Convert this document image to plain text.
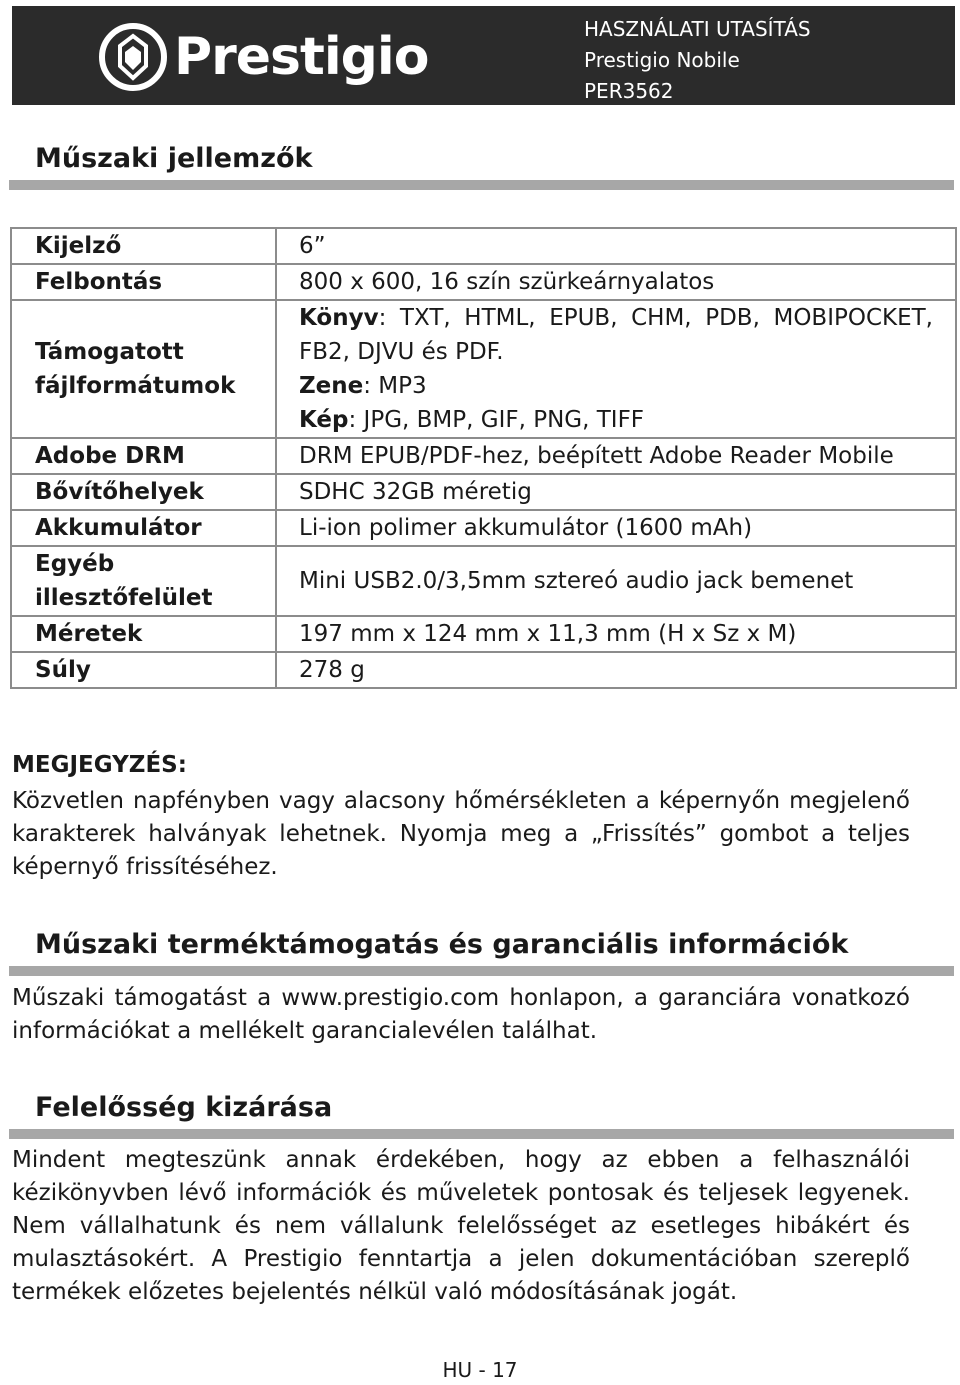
Prestigio	HASZNÁLATI UTASÍTÁS
Prestigio Nobile
PER3562
Műszaki jellemzők
Kijelző	6”
Felbontás	800 x 600, 16 szín szürkeárnyalatos
Támogatott fájlformátumok	Könyv: TXT, HTML, EPUB, CHM, PDB, MOBIPOCKET, FB2, DJVU és PDF.
Zene: MP3
Kép: JPG, BMP, GIF, PNG, TIFF

Adobe DRM	DRM EPUB/PDF-hez, beépített Adobe Reader Mobile
Bővítőhelyek	SDHC 32GB méretig
Akkumulátor	Li-ion polimer akkumulátor (1600 mAh)
Egyéb illesztőfelület	Mini USB2.0/3,5mm sztereó audio jack bemenet
Méretek	197 mm x 124 mm x 11,3 mm (H x Sz x M)
Súly	278 g
MEGJEGYZÉS:
Közvetlen napfényben vagy alacsony hőmérsékleten a képernyőn megjelenő karakterek halványak lehetnek. Nyomja meg a „Frissítés” gombot a teljes képernyő frissítéséhez.
Műszaki terméktámogatás és garanciális információk
Műszaki támogatást a www.prestigio.com honlapon, a garanciára vonatkozó információkat a mellékelt garancialevélen találhat.
Felelősség kizárása
Mindent megteszünk annak érdekében, hogy az ebben a felhasználói kézikönyvben lévő információk és műveletek pontosak és teljesek legyenek. Nem vállalhatunk és nem vállalunk felelősséget az esetleges hibákért és mulasztásokért. A Prestigio fenntartja a jelen dokumentációban szereplő termékek előzetes bejelentés nélkül való módosításának jogát.
HU - 17
